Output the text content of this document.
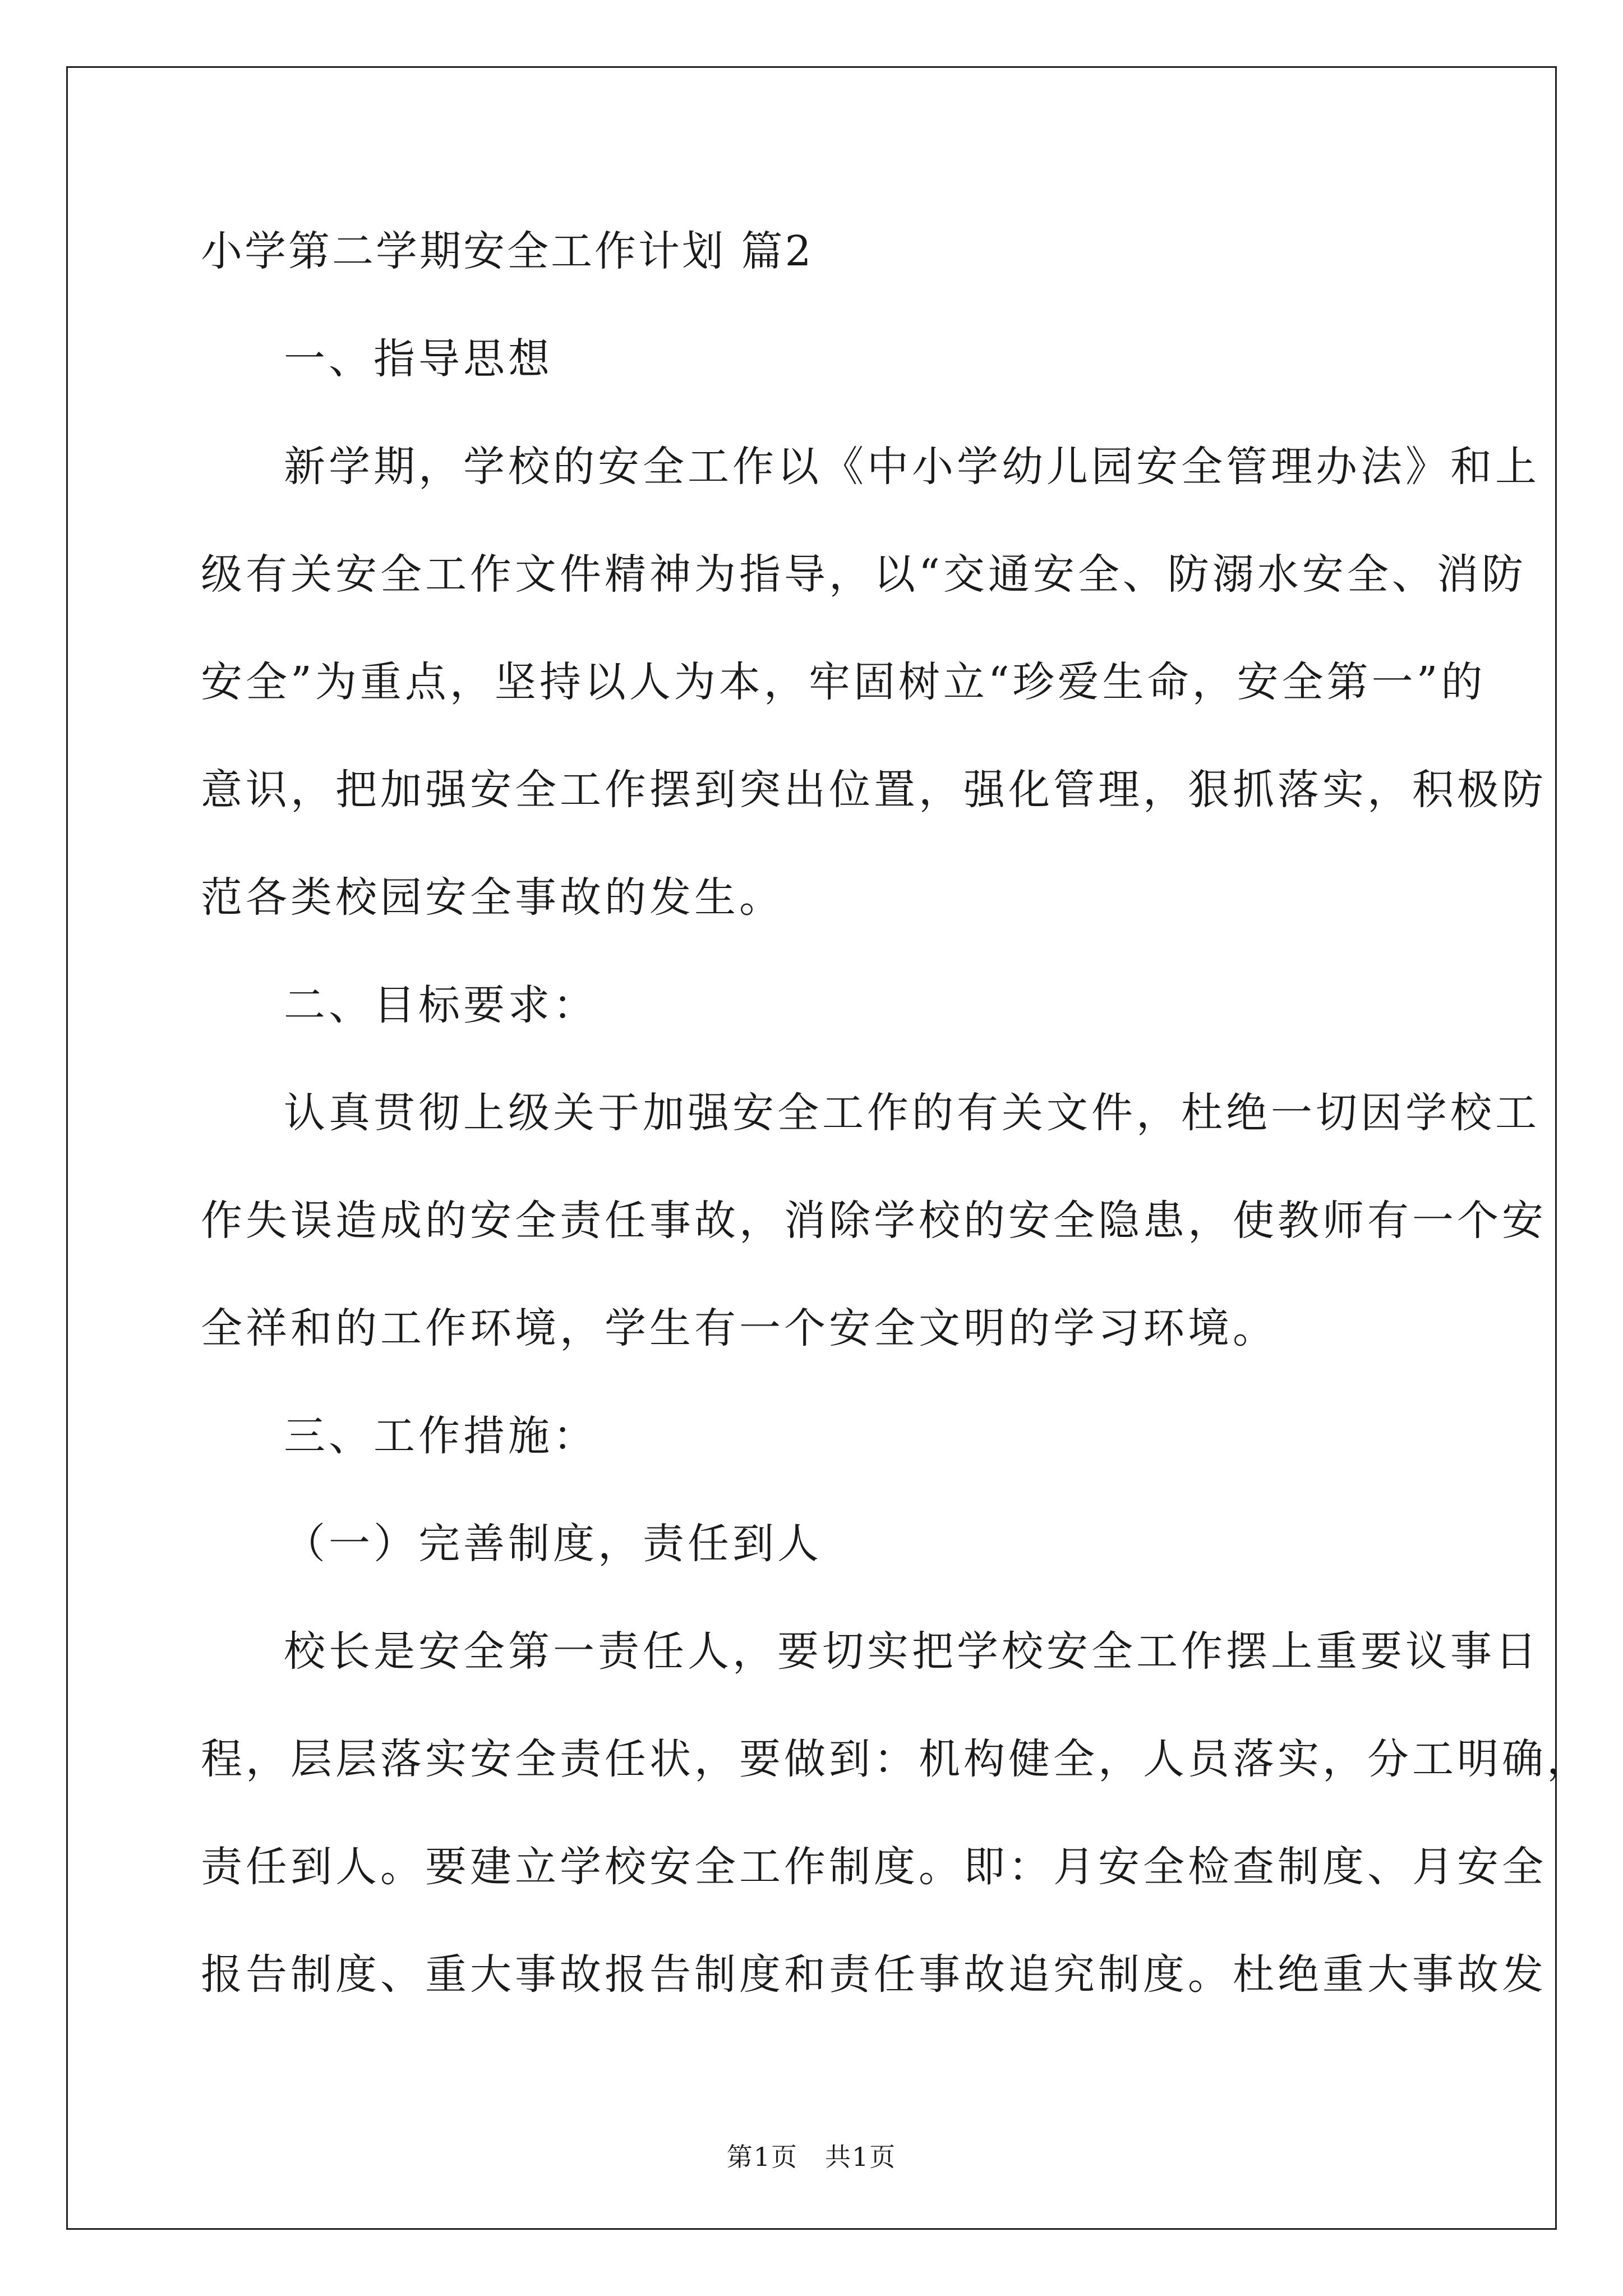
小学第二学期安全工作计划 篇2
一、指导思想
新学期，学校的安全工作以《中小学幼儿园安全管理办法》和上
级有关安全工作文件精神为指导，以“交通安全、防溺水安全、消防
安全”为重点，坚持以人为本，牢固树立“珍爱生命，安全第一”的
意识，把加强安全工作摆到突出位置，强化管理，狠抓落实，积极防
范各类校园安全事故的发生。
二、目标要求：
认真贯彻上级关于加强安全工作的有关文件，杜绝一切因学校工
作失误造成的安全责任事故，消除学校的安全隐患，使教师有一个安
全祥和的工作环境，学生有一个安全文明的学习环境。
三、工作措施：
（一）完善制度，责任到人
校长是安全第一责任人，要切实把学校安全工作摆上重要议事日
程，层层落实安全责任状，要做到：机构健全，人员落实，分工明确，
责任到人。要建立学校安全工作制度。即：月安全检查制度、月安全
报告制度、重大事故报告制度和责任事故追究制度。杜绝重大事故发
第1页　共1页
